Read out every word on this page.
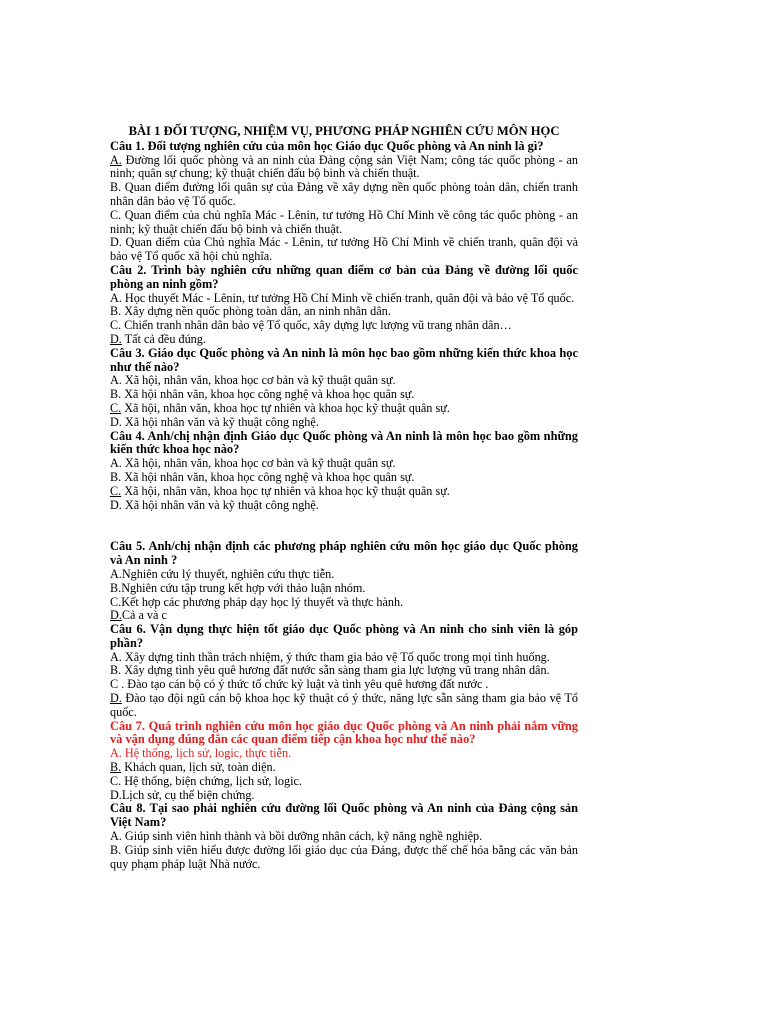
BÀI 1 ĐỐI TƯỢNG, NHIỆM VỤ, PHƯƠNG PHÁP NGHIÊN CỨU MÔN HỌC
Câu 1. Đối tượng nghiên cứu của môn học Giáo dục Quốc phòng và An ninh là gì?
A. Đường lối quốc phòng và an ninh của Đảng cộng sản Việt Nam; công tác quốc phòng - an ninh; quân sự chung; kỹ thuật chiến đấu bộ binh và chiến thuật.
B. Quan điểm đường lối quân sự của Đảng về xây dựng nền quốc phòng toàn dân, chiến tranh nhân dân bảo vệ Tổ quốc.
C. Quan điểm của chủ nghĩa Mác - Lênin, tư tưởng Hồ Chí Minh về công tác quốc phòng - an ninh; kỹ thuật chiến đấu bộ binh và chiến thuật.
D. Quan điểm của Chủ nghĩa Mác - Lênin, tư tưởng Hồ Chí Minh về chiến tranh, quân đội và bảo vệ Tổ quốc xã hội chủ nghĩa.
Câu 2. Trình bày nghiên cứu những quan điểm cơ bản của Đảng về đường lối quốc phòng an ninh gồm?
A. Học thuyết Mác - Lênin, tư tưởng Hồ Chí Minh về chiến tranh, quân đội và bảo vệ Tổ quốc.
B. Xây dựng nền quốc phòng toàn dân, an ninh nhân dân.
C. Chiến tranh nhân dân bảo vệ Tổ quốc, xây dựng lực lượng vũ trang nhân dân…
D. Tất cả đều đúng.
Câu 3. Giáo dục Quốc phòng và An ninh là môn học bao gồm những kiến thức khoa học như thế nào?
A. Xã hội, nhân văn, khoa học cơ bản và kỹ thuật quân sự.
B. Xã hội nhân văn, khoa học công nghệ và khoa học quân sự.
C. Xã hội, nhân văn, khoa học tự nhiên và khoa học kỹ thuật quân sự.
D. Xã hội nhân văn và kỹ thuật công nghệ.
Câu 4. Anh/chị nhận định Giáo dục Quốc phòng và An ninh là môn học bao gồm những kiến thức khoa học nào?
A. Xã hội, nhân văn, khoa học cơ bản và kỹ thuật quân sự.
B. Xã hội nhân văn, khoa học công nghệ và khoa học quân sự.
C. Xã hội, nhân văn, khoa học tự nhiên và khoa học kỹ thuật quân sự.
D. Xã hội nhân văn và kỹ thuật công nghệ.
Câu 5. Anh/chị nhận định các phương pháp nghiên cứu môn học giáo dục Quốc phòng và An ninh ?
A.Nghiên cứu lý thuyết, nghiên cứu thực tiễn.
B.Nghiên cứu tập trung kết hợp với thảo luận nhóm.
C.Kết hợp các phương pháp dạy học lý thuyết và thực hành.
D.Cả a và c
Câu 6. Vận dụng thực hiện tốt giáo dục Quốc phòng và An ninh cho sinh viên là góp phần?
A. Xây dựng tinh thần trách nhiệm, ý thức tham gia bảo vệ Tổ quốc trong mọi tình huống.
B. Xây dựng tình yêu quê hương đất nước sẵn sàng tham gia lực lượng vũ trang nhân dân.
C . Đào tạo cán bộ có ý thức tổ chức kỷ luật và tình yêu quê hương đất nước .
D. Đào tạo đội ngũ cán bộ khoa học kỹ thuật có ý thức, năng lực sẵn sàng tham gia bảo vệ Tổ quốc.
Câu 7. Quá trình nghiên cứu môn học giáo dục Quốc phòng và An ninh phải nắm vững và vận dụng đúng đắn các quan điểm tiếp cận khoa học như thế nào?
A. Hệ thống, lịch sử, logic, thực tiễn.
B. Khách quan, lịch sử, toàn diện.
C. Hệ thống, biện chứng, lịch sử, logic.
D.Lịch sử, cụ thể biện chứng.
Câu 8. Tại sao phải nghiên cứu đường lối Quốc phòng và An ninh của Đảng cộng sản Việt Nam?
A. Giúp sinh viên hình thành và bồi dưỡng nhân cách, kỹ năng nghề nghiệp.
B. Giúp sinh viên hiểu được đường lối giáo dục của Đảng, được thể chế hóa bằng các văn bản quy phạm pháp luật Nhà nước.
